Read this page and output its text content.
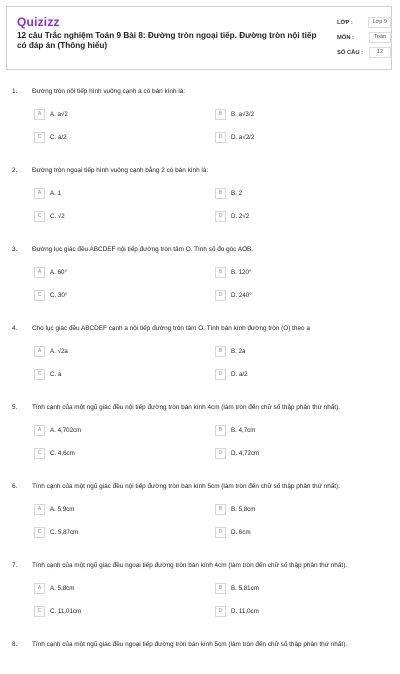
Quizizz
12 câu Trắc nghiệm Toán 9 Bài 8: Đường tròn ngoại tiếp. Đường tròn nội tiếp có đáp án (Thông hiểu)
LỚP :	Lớp 9
MÔN :	Toán
SỐ CÂU :	12
1.	Đường tròn nội tiếp hình vuông cạnh a có bán kính là:
A	A. a√2	B	B. a√3/2
C	C. a/2	D	D. a√2/2
2.	Đường tròn ngoại tiếp hình vuông cạnh bằng 2 có bán kính là:
A	A. 1	B	B. 2
C	C. √2	D	D. 2√2
3.	Đường lục giác đều ABCDEF nội tiếp đường tròn tâm O. Tính số đo góc AOB.
A	A. 60°	B	B. 120°
C	C. 30°	D	D. 240°
4.	Cho lục giác đều ABCDEF cạnh a nội tiếp đường tròn tâm O. Tính bán kính đường tròn (O) theo a
A	A. √2a	B	B. 2a
C	C. a	D	D. a/2
5.	Tính cạnh của một ngũ giác đều nội tiếp đường tròn bán kính 4cm (làm tròn đến chữ số thập phân thứ nhất).
A	A. 4,702cm	B	B. 4,7cm
C	C. 4,6cm	D	D. 4,72cm
6.	Tính cạnh của một ngũ giác đều nội tiếp đường tròn bán kính 5cm (làm tròn đến chữ số thập phân thứ nhất).
A	A. 5,9cm	B	B. 5,8cm
C	C. 5,87cm	D	D. 6cm
7.	Tính cạnh của một ngũ giác đều ngoại tiếp đường tròn bán kính 4cm (làm tròn đến chữ số thập phân thứ nhất).
A	A. 5,8cm	B	B. 5,81cm
C	C. 11,01cm	D	D. 11,0cm
8.	Tính cạnh của một ngũ giác đều ngoại tiếp đường tròn bán kính 5cm (làm tròn đến chữ số thập phân thứ nhất).
